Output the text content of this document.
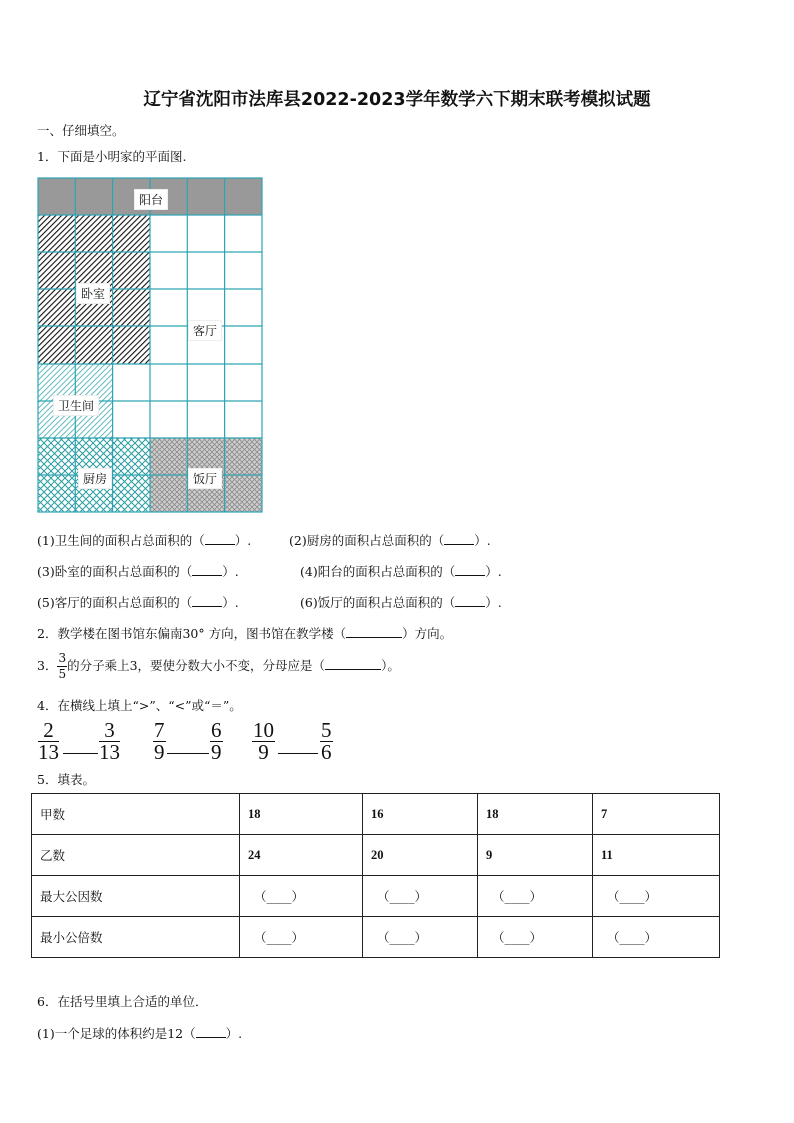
辽宁省沈阳市法库县2022-2023学年数学六下期末联考模拟试题
一、仔细填空。
1．下面是小明家的平面图.
阳台
卧室
客厅
卫生间
厨房	饭厅
(1)卫生间的面积占总面积的（ ）.	(2)厨房的面积占总面积的（ ）.
(3)卧室的面积占总面积的（ ）.	(4)阳台的面积占总面积的（ ）.
(5)客厅的面积占总面积的（ ）.	(6)饭厅的面积占总面积的（ ）.
2．教学楼在图书馆东偏南30° 方向，图书馆在教学楼（	）方向。
3． $\frac{3}{5}$ 的分子乘上3，要使分数大小不变，分母应是（	）。
4．在横线上填上“>”、“<”或“＝”。
$\frac{2}{13} \frac{3}{13} \frac{7}{9} \frac{6}{9} \frac{10}{9} \frac{5}{6}$
5．填表。
甲数	18	16	18	7
乙数	24	20	9	11
最大公因数	（____）	（____）	（____）	（____）
最小公倍数	（____）	（____）	（____）	（____）
6．在括号里填上合适的单位．
(1)一个足球的体积约是12（ ）.
